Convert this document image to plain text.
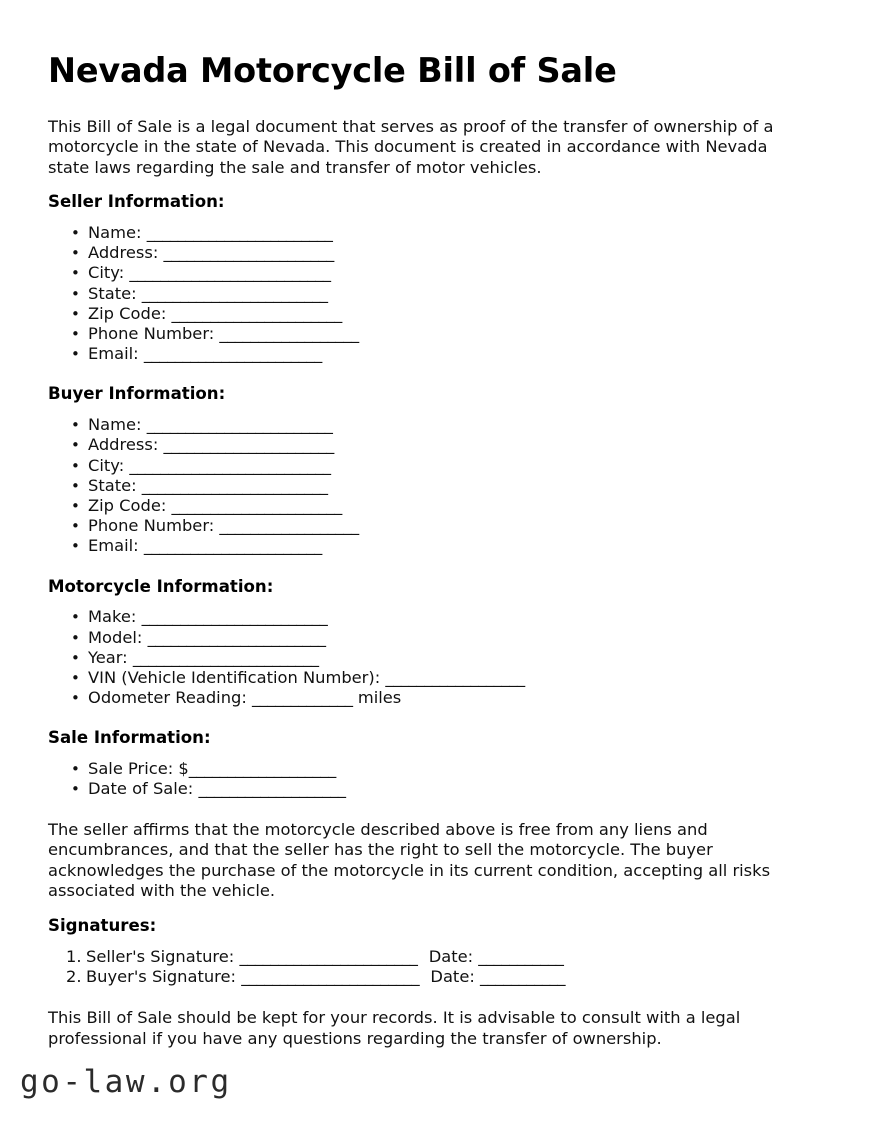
Nevada Motorcycle Bill of Sale

This Bill of Sale is a legal document that serves as proof of the transfer of ownership of a motorcycle in the state of Nevada. This document is created in accordance with Nevada state laws regarding the sale and transfer of motor vehicles.

Seller Information:
• Name: ________________________
• Address: ______________________
• City: __________________________
• State: ________________________
• Zip Code: ______________________
• Phone Number: __________________
• Email: _______________________
Buyer Information:
• Name: ________________________
• Address: ______________________
• City: __________________________
• State: ________________________
• Zip Code: ______________________
• Phone Number: __________________
• Email: _______________________
Motorcycle Information:
• Make: ________________________
• Model: _______________________
• Year: ________________________
• VIN (Vehicle Identification Number): __________________
• Odometer Reading: _____________ miles
Sale Information:
• Sale Price: $___________________
• Date of Sale: ___________________

The seller affirms that the motorcycle described above is free from any liens and encumbrances, and that the seller has the right to sell the motorcycle. The buyer acknowledges the purchase of the motorcycle in its current condition, accepting all risks associated with the vehicle.

Signatures:
Seller's Signature: _______________________ Date: ___________
Buyer's Signature: _______________________ Date: ___________

This Bill of Sale should be kept for your records. It is advisable to consult with a legal professional if you have any questions regarding the transfer of ownership.

go-law.org
